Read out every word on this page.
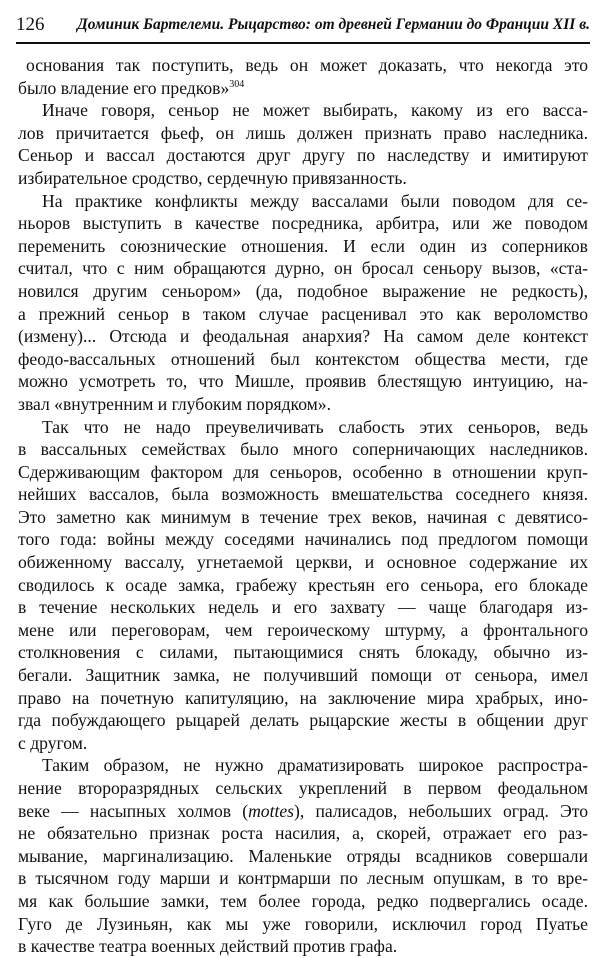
126 Доминик Бартелеми. Рыцарство: от древней Германии до Франции XII в.
основания так поступить, ведь он может доказать, что некогда это
было владение его предков»$^{304}$
Иначе говоря, сеньор не может выбирать, какому из его васса-
лов причитается фьеф, он лишь должен признать право наследника.
Сеньор и вассал достаются друг другу по наследству и имитируют
избирательное сродство, сердечную привязанность.
На практике конфликты между вассалами были поводом для се-
ньоров выступить в качестве посредника, арбитра, или же поводом
переменить союзнические отношения. И если один из соперников
считал, что с ним обращаются дурно, он бросал сеньору вызов, «ста-
новился другим сеньором» (да, подобное выражение не редкость),
а прежний сеньор в таком случае расценивал это как вероломство
(измену)... Отсюда и феодальная анархия? На самом деле контекст
феодо-вассальных отношений был контекстом общества мести, где
можно усмотреть то, что Мишле, проявив блестящую интуицию, на-
звал «внутренним и глубоким порядком».
Так что не надо преувеличивать слабость этих сеньоров, ведь
в вассальных семействах было много соперничающих наследников.
Сдерживающим фактором для сеньоров, особенно в отношении круп-
нейших вассалов, была возможность вмешательства соседнего князя.
Это заметно как минимум в течение трех веков, начиная с девятисо-
того года: войны между соседями начинались под предлогом помощи
обиженному вассалу, угнетаемой церкви, и основное содержание их
сводилось к осаде замка, грабежу крестьян его сеньора, его блокаде
в течение нескольких недель и его захвату — чаще благодаря из-
мене или переговорам, чем героическому штурму, а фронтального
столкновения с силами, пытающимися снять блокаду, обычно из-
бегали. Защитник замка, не получивший помощи от сеньора, имел
право на почетную капитуляцию, на заключение мира храбрых, ино-
гда побуждающего рыцарей делать рыцарские жесты в общении друг
с другом.
Таким образом, не нужно драматизировать широкое распростра-
нение второразрядных сельских укреплений в первом феодальном
веке — насыпных холмов (mottes), палисадов, небольших оград. Это
не обязательно признак роста насилия, а, скорей, отражает его раз-
мывание, маргинализацию. Маленькие отряды всадников совершали
в тысячном году марши и контрмарши по лесным опушкам, в то вре-
мя как большие замки, тем более города, редко подвергались осаде.
Гуго де Лузиньян, как мы уже говорили, исключил город Пуатье
в качестве театра военных действий против графа.
